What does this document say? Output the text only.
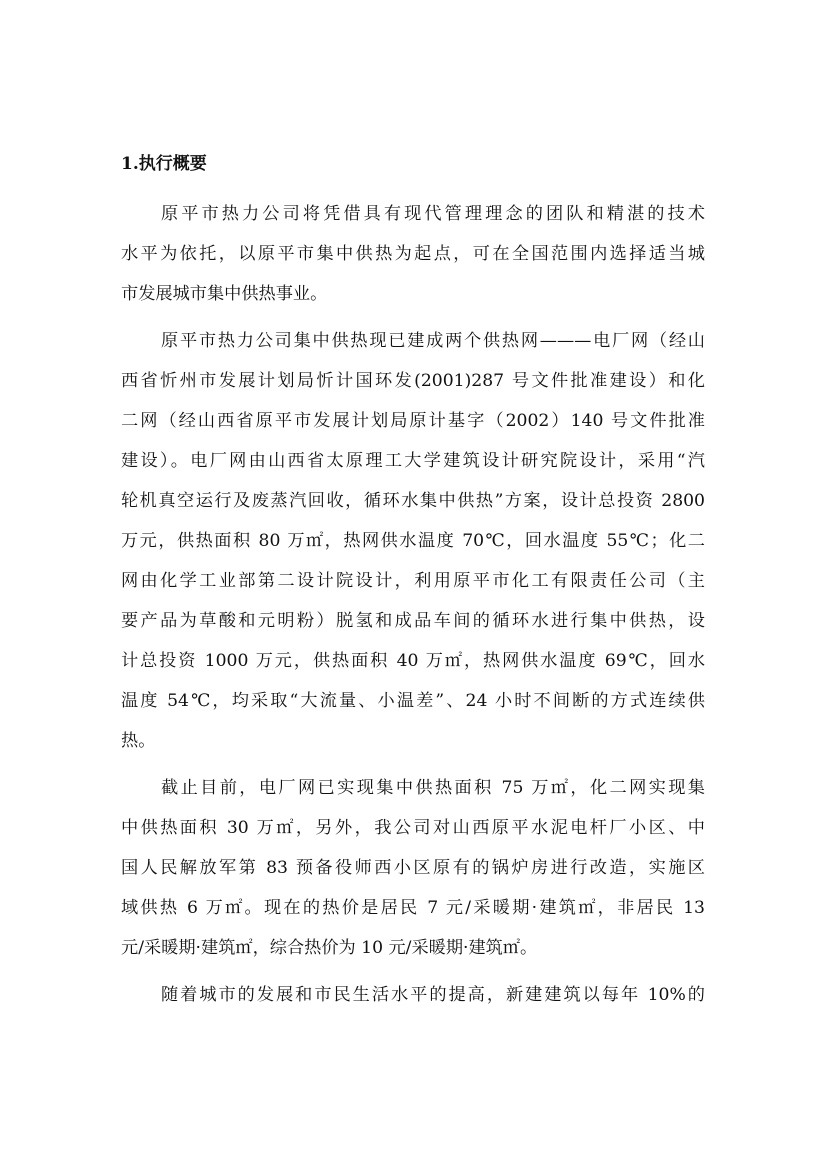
1.执行概要
原平市热力公司将凭借具有现代管理理念的团队和精湛的技术
水平为依托，以原平市集中供热为起点，可在全国范围内选择适当城
市发展城市集中供热事业。
原平市热力公司集中供热现已建成两个供热网———电厂网（经山
西省忻州市发展计划局忻计国环发(2001)287 号文件批准建设）和化
二网（经山西省原平市发展计划局原计基字（2002）140 号文件批准
建设）。电厂网由山西省太原理工大学建筑设计研究院设计，采用“汽
轮机真空运行及废蒸汽回收，循环水集中供热”方案，设计总投资 2800
万元，供热面积 80 万㎡，热网供水温度 70℃，回水温度 55℃；化二
网由化学工业部第二设计院设计，利用原平市化工有限责任公司（主
要产品为草酸和元明粉）脱氢和成品车间的循环水进行集中供热，设
计总投资 1000 万元，供热面积 40 万㎡，热网供水温度 69℃，回水
温度 54℃，均采取“大流量、小温差”、24 小时不间断的方式连续供
热。
截止目前，电厂网已实现集中供热面积 75 万㎡，化二网实现集
中供热面积 30 万㎡，另外，我公司对山西原平水泥电杆厂小区、中
国人民解放军第 83 预备役师西小区原有的锅炉房进行改造，实施区
域供热 6 万㎡。现在的热价是居民 7 元/采暖期·建筑㎡，非居民 13
元/采暖期·建筑㎡，综合热价为 10 元/采暖期·建筑㎡。
随着城市的发展和市民生活水平的提高，新建建筑以每年 10%的
